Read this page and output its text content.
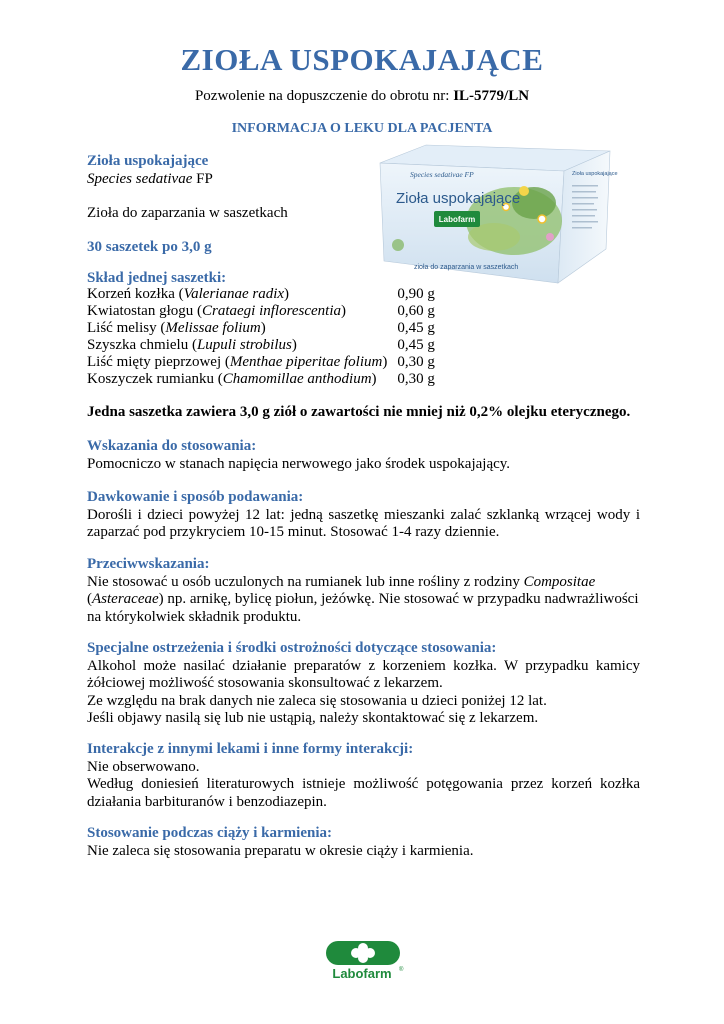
ZIOŁA USPOKAJAJĄCE
Pozwolenie na dopuszczenie do obrotu nr: IL-5779/LN
INFORMACJA O LEKU DLA PACJENTA
Zioła uspokajające
Species sedativae FP
Zioła do zaparzania w saszetkach
30 saszetek po 3,0 g
Species sedativae FP
Zioła uspokajające
Labofarm
zioła do zaparzania w saszetkach
Zioła uspokajające
Skład jednej saszetki:
Korzeń kozłka (Valerianae radix)	0,90 g
Kwiatostan głogu (Crataegi inflorescentia)	0,60 g
Liść melisy (Melissae folium)	0,45 g
Szyszka chmielu (Lupuli strobilus)	0,45 g
Liść mięty pieprzowej (Menthae piperitae folium)	0,30 g
Koszyczek rumianku (Chamomillae anthodium)	0,30 g
Jedna saszetka zawiera 3,0 g ziół o zawartości nie mniej niż 0,2% olejku eterycznego.
Wskazania do stosowania:
Pomocniczo w stanach napięcia nerwowego jako środek uspokajający.
Dawkowanie i sposób podawania:
Dorośli i dzieci powyżej 12 lat: jedną saszetkę mieszanki zalać szklanką wrzącej wody i zaparzać pod przykryciem 10-15 minut. Stosować 1-4 razy dziennie.
Przeciwwskazania:
Nie stosować u osób uczulonych na rumianek lub inne rośliny z rodziny Compositae
(Asteraceae) np. arnikę, bylicę piołun, jeżówkę. Nie stosować w przypadku nadwrażliwości na którykolwiek składnik produktu.
Specjalne ostrzeżenia i środki ostrożności dotyczące stosowania:
Alkohol może nasilać działanie preparatów z korzeniem kozłka. W przypadku kamicy żółciowej możliwość stosowania skonsultować z lekarzem.
Ze względu na brak danych nie zaleca się stosowania u dzieci poniżej 12 lat.
Jeśli objawy nasilą się lub nie ustąpią, należy skontaktować się z lekarzem.
Interakcje z innymi lekami i inne formy interakcji:
Nie obserwowano.
Według doniesień literaturowych istnieje możliwość potęgowania przez korzeń kozłka działania barbituranów i benzodiazepin.
Stosowanie podczas ciąży i karmienia:
Nie zaleca się stosowania preparatu w okresie ciąży i karmienia.
Labofarm ®
